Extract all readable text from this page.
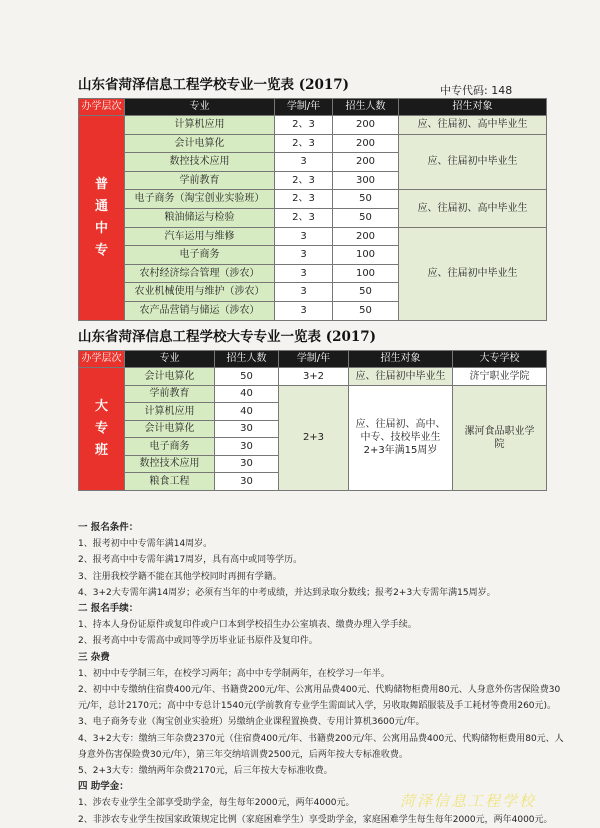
山东省菏泽信息工程学校专业一览表 (2017)	中专代码: 148
办学层次	专业	学制/年	招生人数	招生对象
普通中专	计算机应用	2、3	200	应、往届初、高中毕业生
	会计电算化	2、3	200	应、往届初中毕业生
	数控技术应用	3	200	
	学前教育	2、3	300	
	电子商务（淘宝创业实验班）	2、3	50	应、往届初、高中毕业生
	粮油储运与检验	2、3	50	
	汽车运用与维修	3	200	应、往届初中毕业生
	电子商务	3	100	
	农村经济综合管理（涉农）	3	100	
	农业机械使用与维护（涉农）	3	50	
	农产品营销与储运（涉农）	3	50	
山东省菏泽信息工程学校大专专业一览表 (2017)
办学层次	专业	招生人数	学制/年	招生对象	大专学校
大专班	会计电算化	50	3+2	应、往届初中毕业生	济宁职业学院
	学前教育	40	2+3	应、往届初、高中、中专、技校毕业生 2+3年满15周岁	漯河食品职业学院
	计算机应用	40			
	会计电算化	30			
	电子商务	30			
	数控技术应用	30			
	粮食工程	30			
一 报名条件：
1、报考初中中专需年满14周岁。
2、报考高中中专需年满17周岁，具有高中或同等学历。
3、注册我校学籍不能在其他学校同时再拥有学籍。
4、3+2大专需年满14周岁；必须有当年的中考成绩，并达到录取分数线；报考2+3大专需年满15周岁。
二 报名手续：
1、持本人身份证原件或复印件或户口本到学校招生办公室填表、缴费办理入学手续。
2、报考高中中专需高中或同等学历毕业证书原件及复印件。
三 杂费
1、初中中专学制三年，在校学习两年；高中中专学制两年，在校学习一年半。
2、初中中专缴纳住宿费400元/年、书籍费200元/年、公寓用品费400元、代购储物柜费用80元、人身意外伤害保险费30
元/年，总计2170元；高中中专总计1540元(学前教育专业学生需面试入学，另收取舞蹈服装及手工耗材等费用260元)。
3、电子商务专业（淘宝创业实验班）另缴纳企业课程置换费、专用计算机3600元/年。
4、3+2大专：缴纳三年杂费2370元（住宿费400元/年、书籍费200元/年、公寓用品费400元、代购储物柜费用80元、人
身意外伤害保险费30元/年），第三年交纳培训费2500元，后两年按大专标准收费。
5、2+3大专：缴纳两年杂费2170元，后三年按大专标准收费。
四 助学金：
1、涉农专业学生全部享受助学金，每生每年2000元，两年4000元。
2、非涉农专业学生按国家政策规定比例（家庭困难学生）享受助学金，家庭困难学生每生每年2000元，两年4000元。
菏泽信息工程学校
